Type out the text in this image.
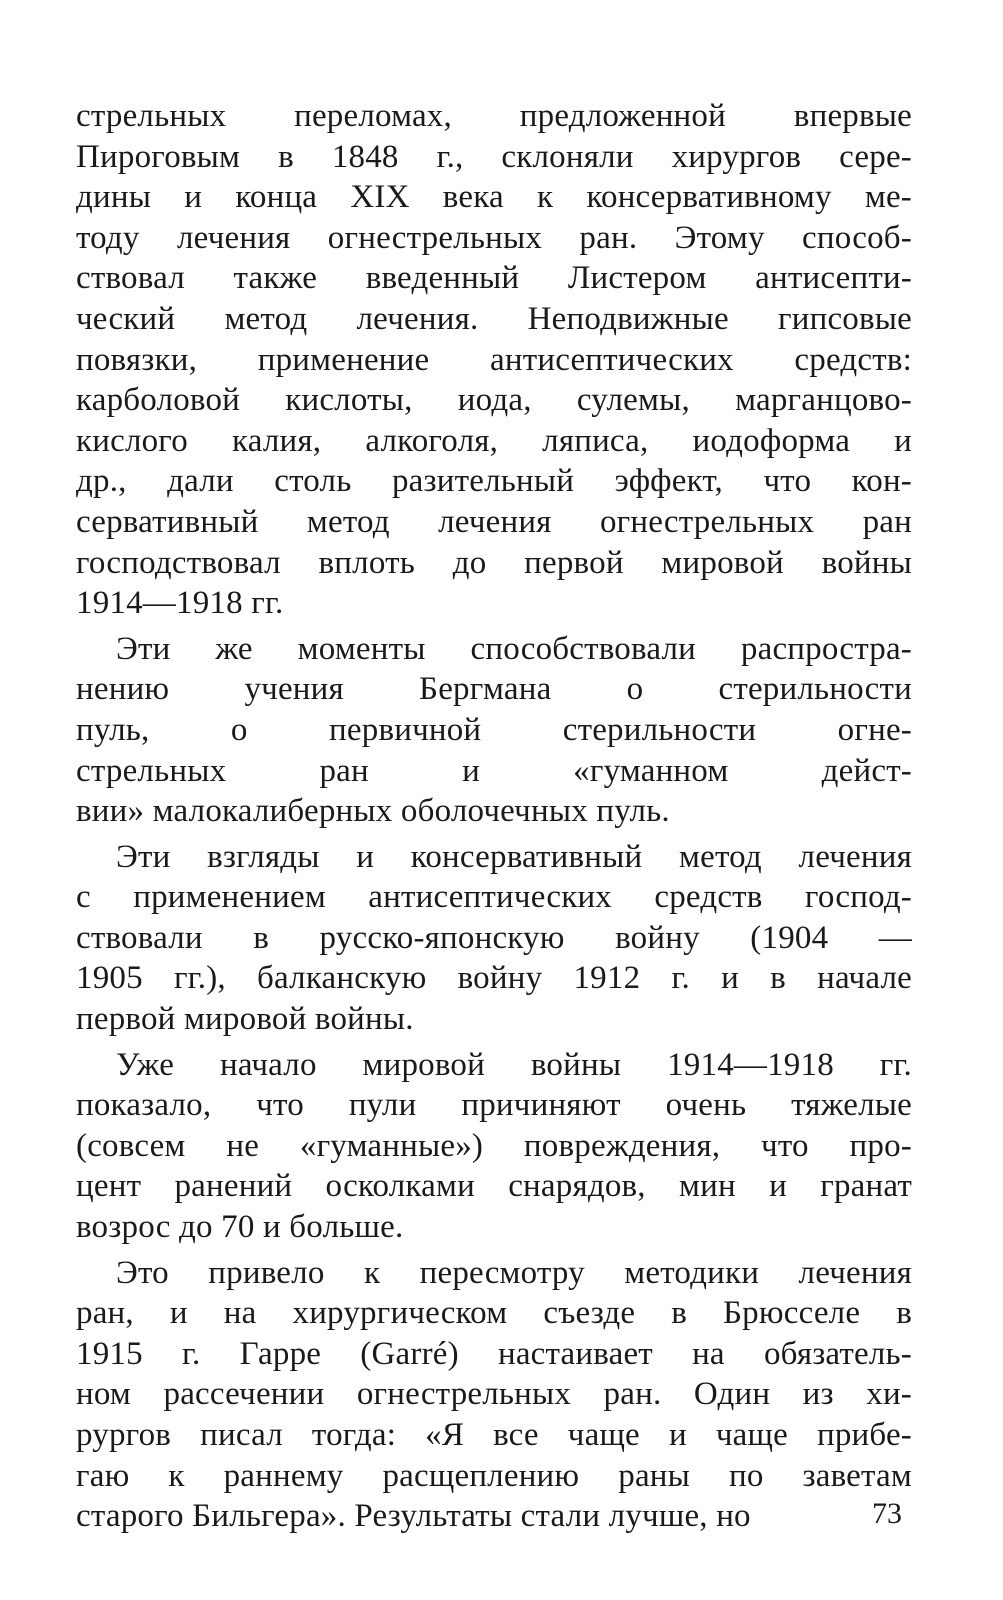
стрельных переломах, предложенной впервые
Пироговым в 1848 г., склоняли хирургов сере-
дины и конца XIX века к консервативному ме-
тоду лечения огнестрельных ран. Этому способ-
ствовал также введенный Листером антисепти-
ческий метод лечения. Неподвижные гипсовые
повязки, применение антисептических средств:
карболовой кислоты, иода, сулемы, марганцово-
кислого калия, алкоголя, ляписа, иодоформа и
др., дали столь разительный эффект, что кон-
сервативный метод лечения огнестрельных ран
господствовал вплоть до первой мировой войны
1914—1918 гг.
Эти же моменты способствовали распростра-
нению учения Бергмана о стерильности
пуль, о первичной стерильности огне-
стрельных ран и «гуманном дейст-
вии» малокалиберных оболочечных пуль.
Эти взгляды и консервативный метод лечения
с применением антисептических средств господ-
ствовали в русско-японскую войну (1904 —
1905 гг.), балканскую войну 1912 г. и в начале
первой мировой войны.
Уже начало мировой войны 1914—1918 гг.
показало, что пули причиняют очень тяжелые
(совсем не «гуманные») повреждения, что про-
цент ранений осколками снарядов, мин и гранат
возрос до 70 и больше.
Это привело к пересмотру методики лечения
ран, и на хирургическом съезде в Брюсселе в
1915 г. Гарре (Garré) настаивает на обязатель-
ном рассечении огнестрельных ран. Один из хи-
рургов писал тогда: «Я все чаще и чаще прибе-
гаю к раннему расщеплению раны по заветам
старого Бильгера». Результаты стали лучше, но	73
